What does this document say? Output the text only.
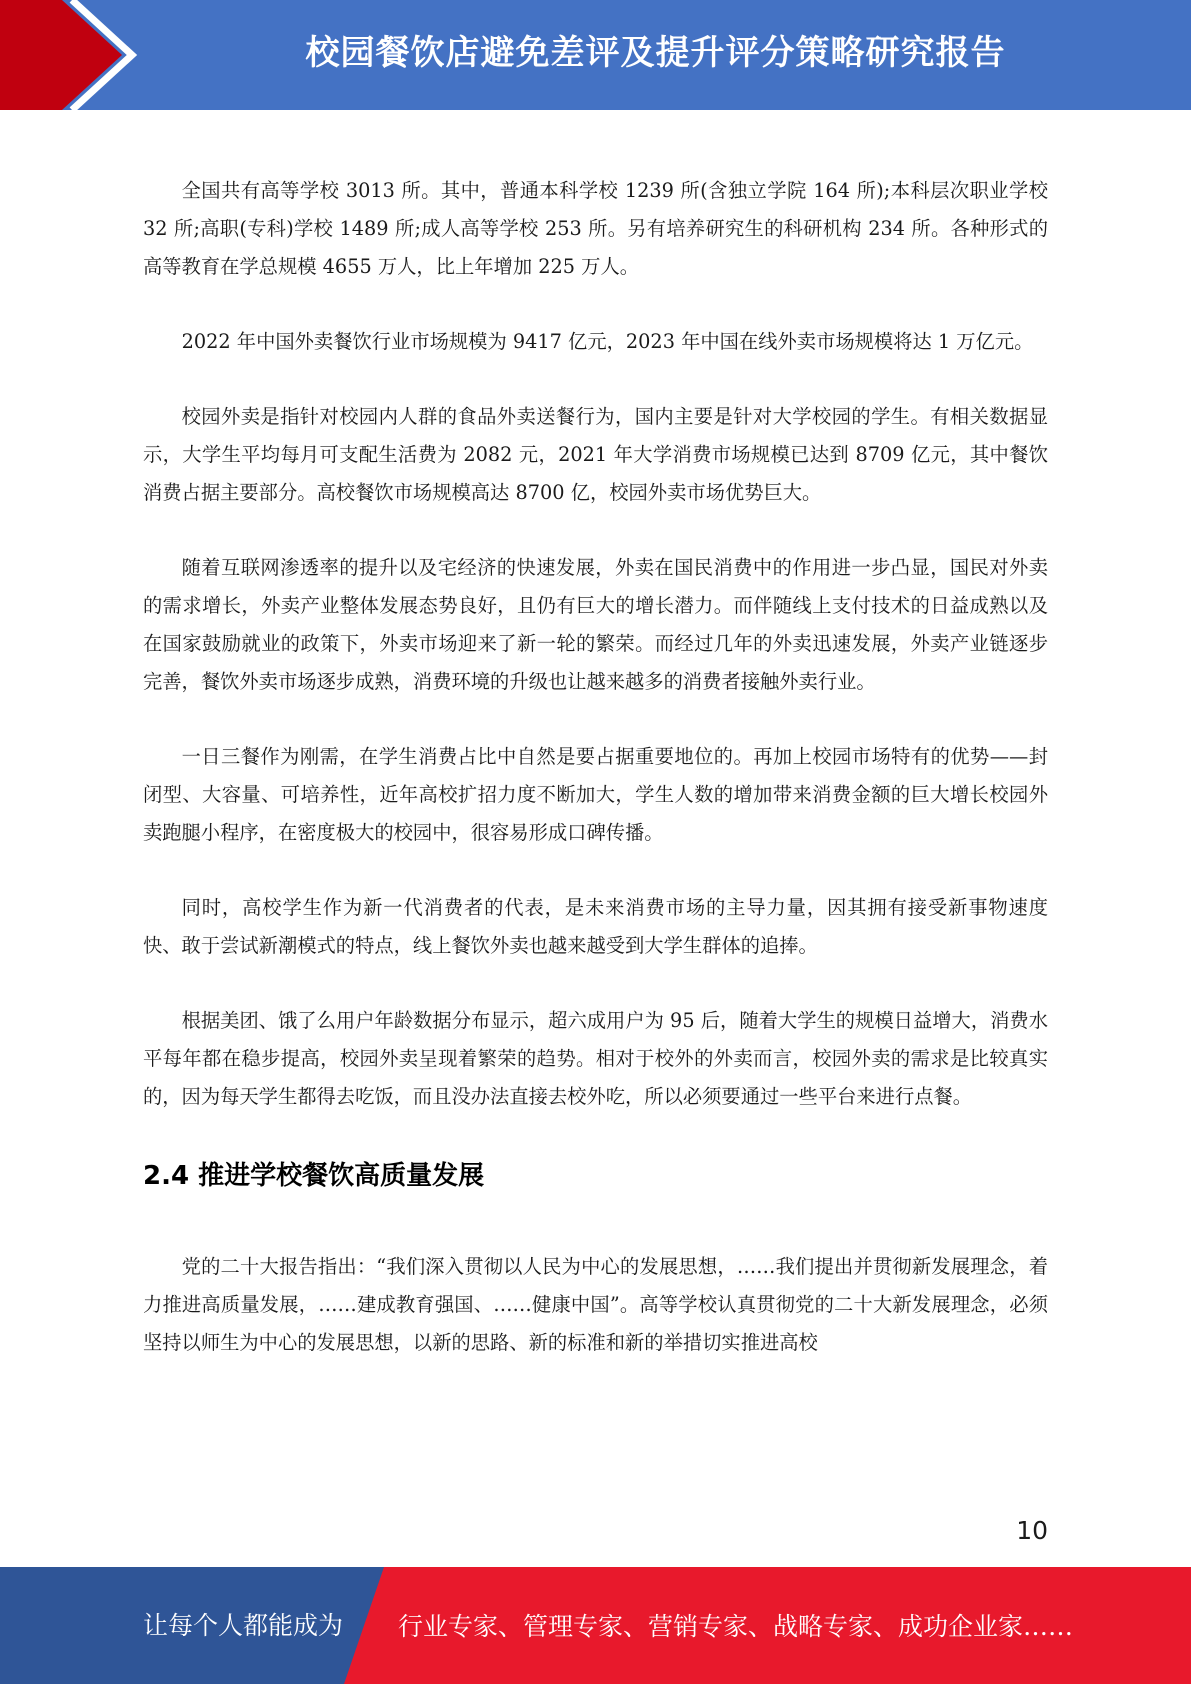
校园餐饮店避免差评及提升评分策略研究报告

全国共有高等学校 3013 所。其中，普通本科学校 1239 所(含独立学院 164 所);本科层次职业学校 32 所;高职(专科)学校 1489 所;成人高等学校 253 所。另有培养研究生的科研机构 234 所。各种形式的高等教育在学总规模 4655 万人，比上年增加 225 万人。

2022 年中国外卖餐饮行业市场规模为 9417 亿元，2023 年中国在线外卖市场规模将达 1 万亿元。

校园外卖是指针对校园内人群的食品外卖送餐行为，国内主要是针对大学校园的学生。有相关数据显示，大学生平均每月可支配生活费为 2082 元，2021 年大学消费市场规模已达到 8709 亿元，其中餐饮消费占据主要部分。高校餐饮市场规模高达 8700 亿，校园外卖市场优势巨大。

随着互联网渗透率的提升以及宅经济的快速发展，外卖在国民消费中的作用进一步凸显，国民对外卖的需求增长，外卖产业整体发展态势良好，且仍有巨大的增长潜力。而伴随线上支付技术的日益成熟以及在国家鼓励就业的政策下，外卖市场迎来了新一轮的繁荣。而经过几年的外卖迅速发展，外卖产业链逐步完善，餐饮外卖市场逐步成熟，消费环境的升级也让越来越多的消费者接触外卖行业。

一日三餐作为刚需，在学生消费占比中自然是要占据重要地位的。再加上校园市场特有的优势——封闭型、大容量、可培养性，近年高校扩招力度不断加大，学生人数的增加带来消费金额的巨大增长校园外卖跑腿小程序，在密度极大的校园中，很容易形成口碑传播。

同时，高校学生作为新一代消费者的代表，是未来消费市场的主导力量，因其拥有接受新事物速度快、敢于尝试新潮模式的特点，线上餐饮外卖也越来越受到大学生群体的追捧。

根据美团、饿了么用户年龄数据分布显示，超六成用户为 95 后，随着大学生的规模日益增大，消费水平每年都在稳步提高，校园外卖呈现着繁荣的趋势。相对于校外的外卖而言，校园外卖的需求是比较真实的，因为每天学生都得去吃饭，而且没办法直接去校外吃，所以必须要通过一些平台来进行点餐。

2.4 推进学校餐饮高质量发展

党的二十大报告指出：“我们深入贯彻以人民为中心的发展思想，……我们提出并贯彻新发展理念，着力推进高质量发展，……建成教育强国、……健康中国”。高等学校认真贯彻党的二十大新发展理念，必须坚持以师生为中心的发展思想，以新的思路、新的标准和新的举措切实推进高校

10
让每个人都能成为 行业专家、管理专家、营销专家、战略专家、成功企业家……
